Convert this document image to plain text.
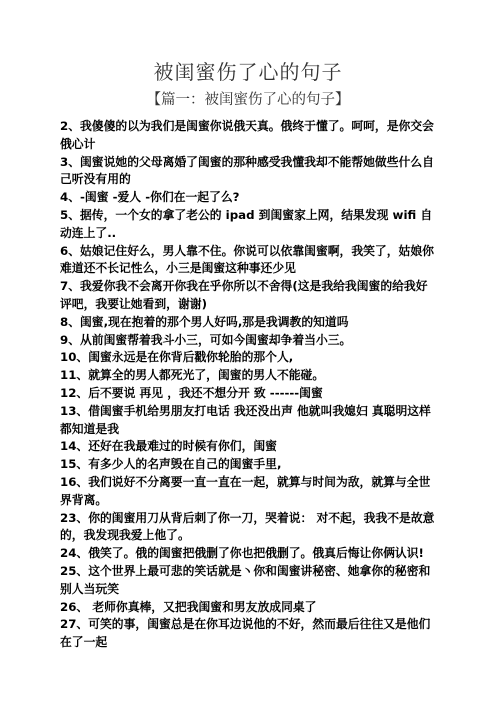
被闺蜜伤了心的句子
【篇一：被闺蜜伤了心的句子】

2、我傻傻的以为我们是闺蜜你说俄天真。俄终于懂了。呵呵，是你交会俄心计

3、闺蜜说她的父母离婚了闺蜜的那种感受我懂我却不能帮她做些什么自己听没有用的

4、-闺蜜 -爱人 -你们在一起了么?

5、据传，一个女的拿了老公的 ipad 到闺蜜家上网，结果发现 wifi 自动连上了..

6、姑娘记住好么，男人靠不住。你说可以依靠闺蜜啊，我笑了，姑娘你难道还不长记性么，小三是闺蜜这种事还少见

7、我爱你我不会离开你我在乎你所以不舍得(这是我给我闺蜜的给我好评吧，我要让她看到，谢谢)

8、闺蜜,现在抱着的那个男人好吗,那是我调教的知道吗

9、从前闺蜜帮着我斗小三，可如今闺蜜却争着当小三。

10、闺蜜永远是在你背后戳你轮胎的那个人,

11、就算全的男人都死光了，闺蜜的男人不能碰。

12、后不要说 再见 ，我还不想分开 致 ------闺蜜

13、借闺蜜手机给男朋友打电话 我还没出声 他就叫我媳妇 真聪明这样都知道是我

14、还好在我最难过的时候有你们，闺蜜

15、有多少人的名声毁在自己的闺蜜手里,

16、我们说好不分离要一直一直在一起，就算与时间为敌，就算与全世界背离。

23、你的闺蜜用刀从背后刺了你一刀，哭着说： 对不起，我我不是故意的，我发现我爱上他了。

24、俄笑了。俄的闺蜜把俄删了你也把俄删了。俄真后悔让你俩认识!

25、这个世界上最可悲的笑话就是丶你和闺蜜讲秘密、她拿你的秘密和别人当玩笑

26、 老师你真棒，又把我闺蜜和男友放成同桌了

27、可笑的事，闺蜜总是在你耳边说他的不好，然而最后往往又是他们在了一起
